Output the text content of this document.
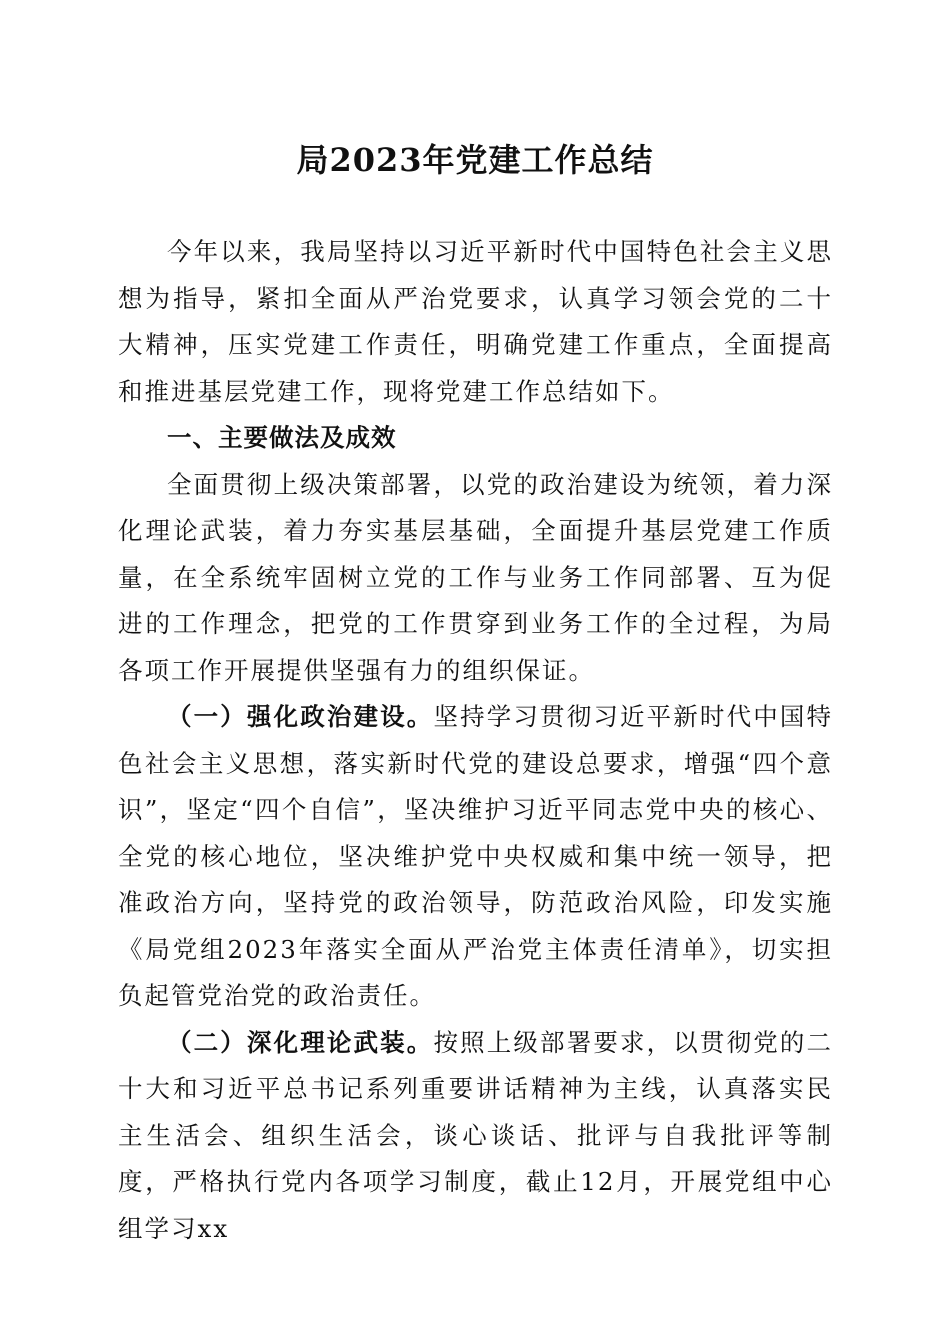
局2023年党建工作总结

今年以来，我局坚持以习近平新时代中国特色社会主义思想为指导，紧扣全面从严治党要求，认真学习领会党的二十大精神，压实党建工作责任，明确党建工作重点，全面提高和推进基层党建工作，现将党建工作总结如下。

一、主要做法及成效

全面贯彻上级决策部署，以党的政治建设为统领，着力深化理论武装，着力夯实基层基础，全面提升基层党建工作质量，在全系统牢固树立党的工作与业务工作同部署、互为促进的工作理念，把党的工作贯穿到业务工作的全过程，为局各项工作开展提供坚强有力的组织保证。

（一）强化政治建设。坚持学习贯彻习近平新时代中国特色社会主义思想，落实新时代党的建设总要求，增强“四个意识”，坚定“四个自信”，坚决维护习近平同志党中央的核心、全党的核心地位，坚决维护党中央权威和集中统一领导，把准政治方向，坚持党的政治领导，防范政治风险，印发实施《局党组2023年落实全面从严治党主体责任清单》，切实担负起管党治党的政治责任。

（二）深化理论武装。按照上级部署要求，以贯彻党的二十大和习近平总书记系列重要讲话精神为主线，认真落实民主生活会、组织生活会，谈心谈话、批评与自我批评等制度，严格执行党内各项学习制度，截止12月，开展党组中心组学习xx
